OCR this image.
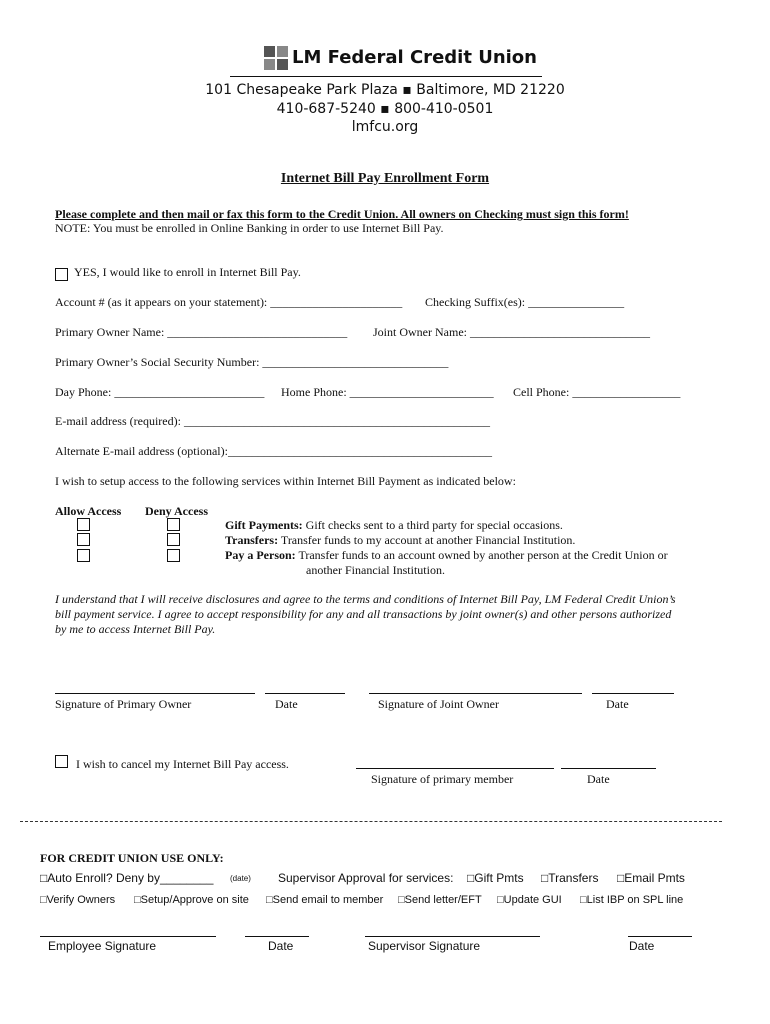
LM Federal Credit Union
101 Chesapeake Park Plaza ▪ Baltimore, MD 21220
410-687-5240 ▪ 800-410-0501
lmfcu.org
Internet Bill Pay Enrollment Form
Please complete and then mail or fax this form to the Credit Union. All owners on Checking must sign this form!
NOTE: You must be enrolled in Online Banking in order to use Internet Bill Pay.
YES, I would like to enroll in Internet Bill Pay.
Account # (as it appears on your statement): ______________________ Checking Suffix(es): ________________
Primary Owner Name: ______________________________ Joint Owner Name: ______________________________
Primary Owner’s Social Security Number: _______________________________
Day Phone: _________________________ Home Phone: ________________________ Cell Phone: __________________
E-mail address (required): ___________________________________________________
Alternate E-mail address (optional):____________________________________________
I wish to setup access to the following services within Internet Bill Payment as indicated below:
Allow Access Deny Access
Gift Payments: Gift checks sent to a third party for special occasions.
Transfers: Transfer funds to my account at another Financial Institution.
Pay a Person: Transfer funds to an account owned by another person at the Credit Union or
another Financial Institution.
I understand that I will receive disclosures and agree to the terms and conditions of Internet Bill Pay, LM Federal Credit Union’s
bill payment service. I agree to accept responsibility for any and all transactions by joint owner(s) and other persons authorized
by me to access Internet Bill Pay.
Signature of Primary Owner	Date	Signature of Joint Owner	Date
I wish to cancel my Internet Bill Pay access.
Signature of primary member	Date
FOR CREDIT UNION USE ONLY:
□Auto Enroll? Deny by________ (date) Supervisor Approval for services: □Gift Pmts □Transfers □Email Pmts
□Verify Owners □Setup/Approve on site □Send email to member □Send letter/EFT □Update GUI □List IBP on SPL line
Employee Signature	Date	Supervisor Signature	Date
